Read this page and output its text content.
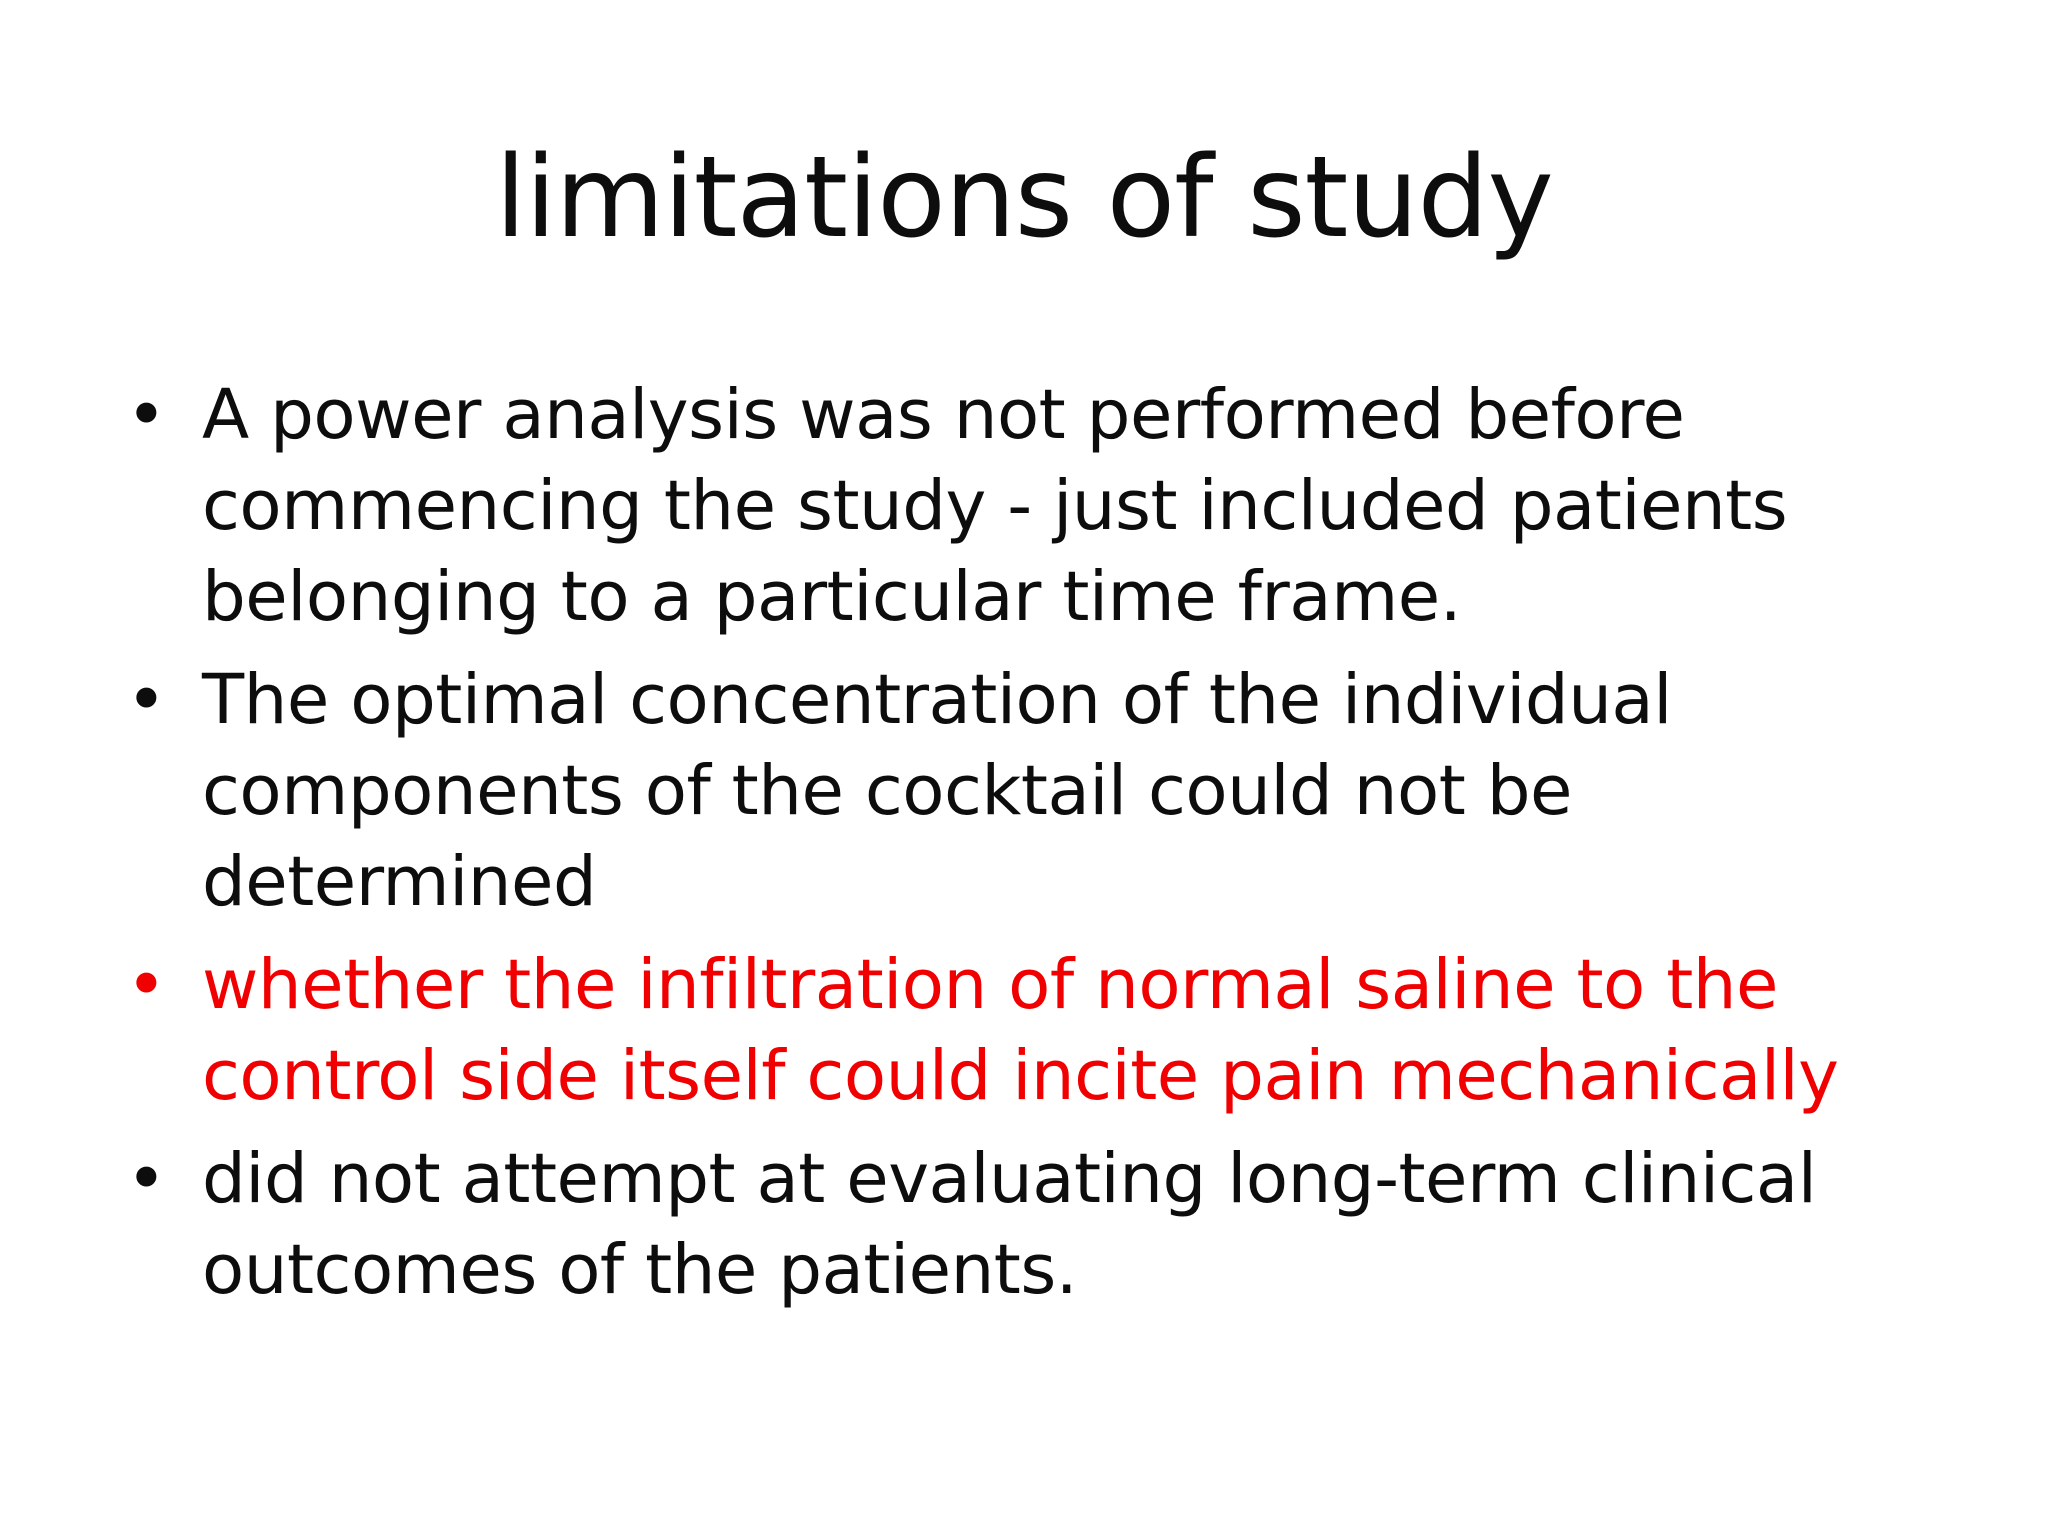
limitations of study
• A power analysis was not performed before
commencing the study - just included patients
belonging to a particular time frame.
• The optimal concentration of the individual
components of the cocktail could not be
determined
• whether the infiltration of normal saline to the
control side itself could incite pain mechanically
• did not attempt at evaluating long-term clinical
outcomes of the patients.
